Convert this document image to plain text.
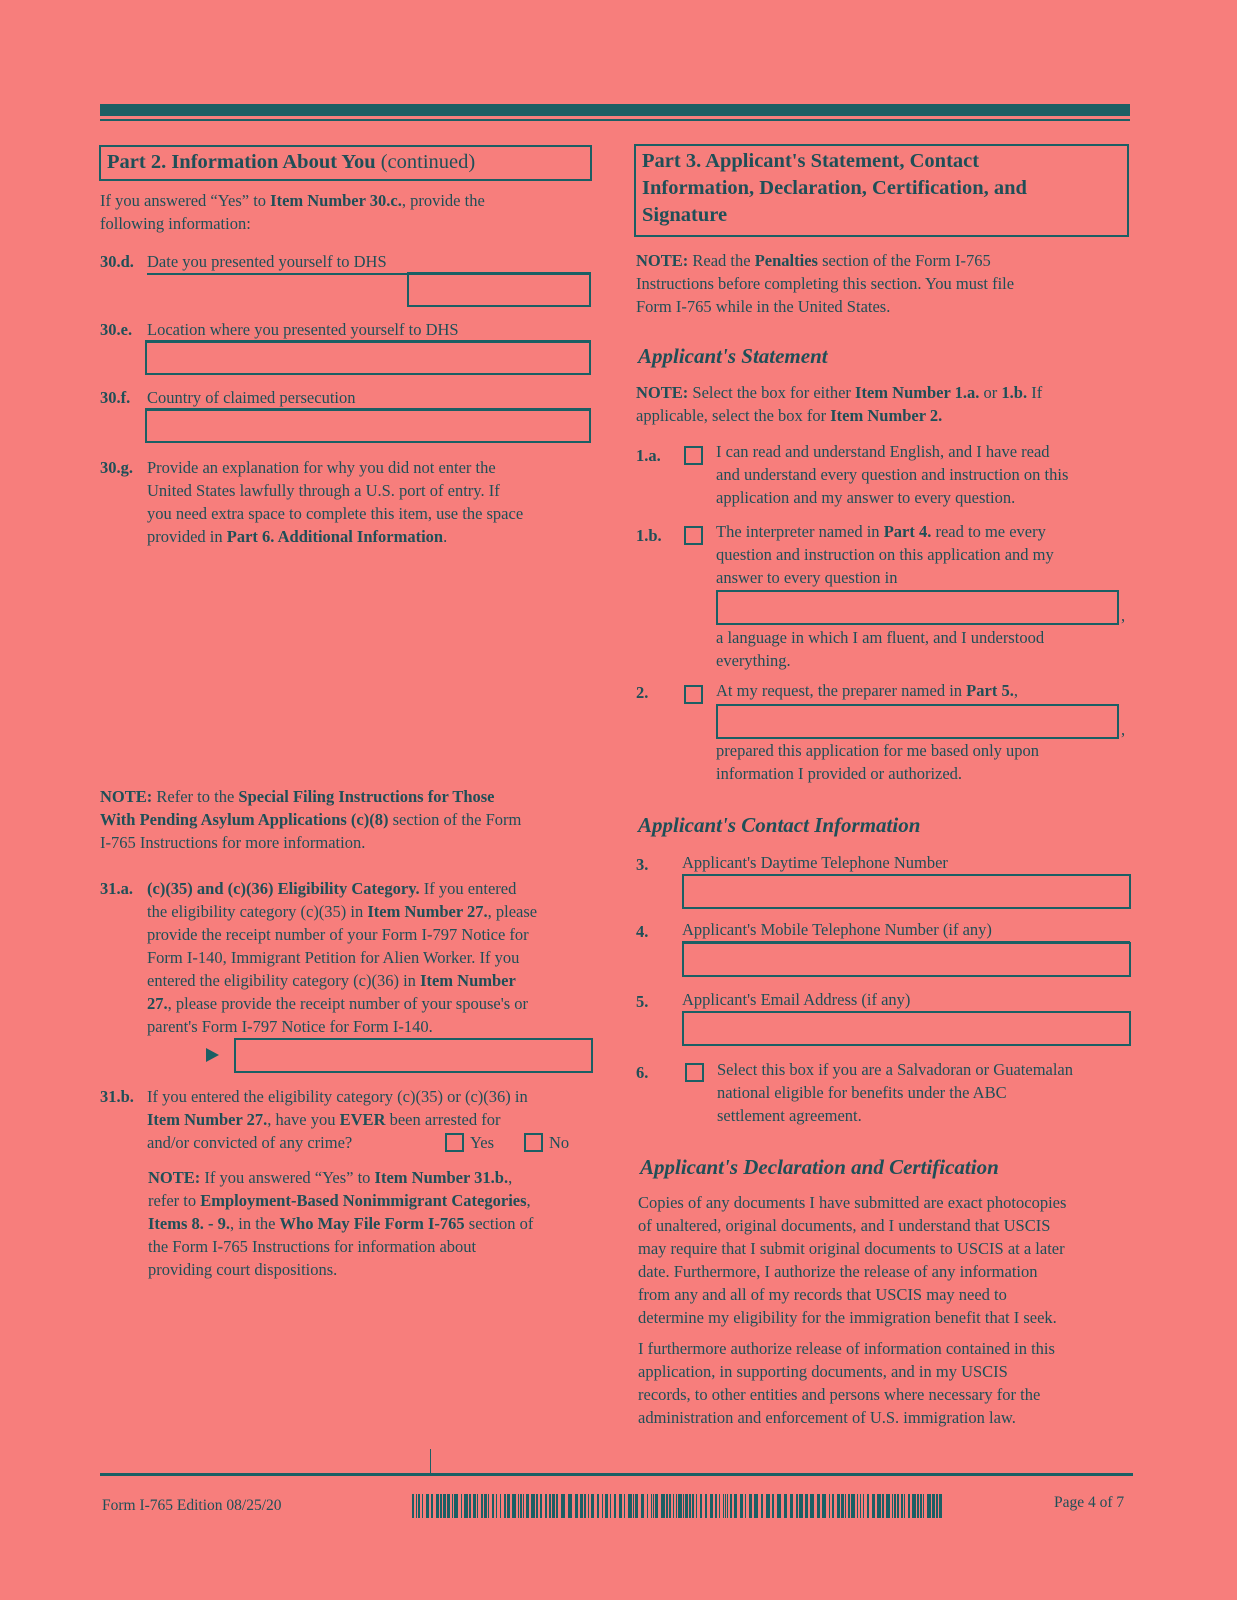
Part 2. Information About You (continued)
If you answered “Yes” to Item Number 30.c., provide the
following information:
30.d. Date you presented yourself to DHS
30.e. Location where you presented yourself to DHS
30.f. Country of claimed persecution
30.g. Provide an explanation for why you did not enter the
United States lawfully through a U.S. port of entry. If
you need extra space to complete this item, use the space
provided in Part 6. Additional Information.
NOTE: Refer to the Special Filing Instructions for Those
With Pending Asylum Applications (c)(8) section of the Form
I-765 Instructions for more information.
31.a. (c)(35) and (c)(36) Eligibility Category. If you entered
the eligibility category (c)(35) in Item Number 27., please
provide the receipt number of your Form I-797 Notice for
Form I-140, Immigrant Petition for Alien Worker. If you
entered the eligibility category (c)(36) in Item Number
27., please provide the receipt number of your spouse's or
parent's Form I-797 Notice for Form I-140.
31.b. If you entered the eligibility category (c)(35) or (c)(36) in
Item Number 27., have you EVER been arrested for
and/or convicted of any crime?	Yes	No
NOTE: If you answered “Yes” to Item Number 31.b.,
refer to Employment-Based Nonimmigrant Categories,
Items 8. - 9., in the Who May File Form I-765 section of
the Form I-765 Instructions for information about
providing court dispositions.
Part 3. Applicant's Statement, Contact
Information, Declaration, Certification, and
Signature
NOTE: Read the Penalties section of the Form I-765
Instructions before completing this section. You must file
Form I-765 while in the United States.
Applicant's Statement
NOTE: Select the box for either Item Number 1.a. or 1.b. If
applicable, select the box for Item Number 2.
1.a.	I can read and understand English, and I have read
and understand every question and instruction on this
application and my answer to every question.
1.b.	The interpreter named in Part 4. read to me every
question and instruction on this application and my
answer to every question in
,
a language in which I am fluent, and I understood
everything.
2.	At my request, the preparer named in Part 5.,
,
prepared this application for me based only upon
information I provided or authorized.
Applicant's Contact Information
3. Applicant's Daytime Telephone Number
4. Applicant's Mobile Telephone Number (if any)
5. Applicant's Email Address (if any)
6.	Select this box if you are a Salvadoran or Guatemalan
national eligible for benefits under the ABC
settlement agreement.
Applicant's Declaration and Certification
Copies of any documents I have submitted are exact photocopies
of unaltered, original documents, and I understand that USCIS
may require that I submit original documents to USCIS at a later
date. Furthermore, I authorize the release of any information
from any and all of my records that USCIS may need to
determine my eligibility for the immigration benefit that I seek.
I furthermore authorize release of information contained in this
application, in supporting documents, and in my USCIS
records, to other entities and persons where necessary for the
administration and enforcement of U.S. immigration law.
Form I-765 Edition 08/25/20	Page 4 of 7
